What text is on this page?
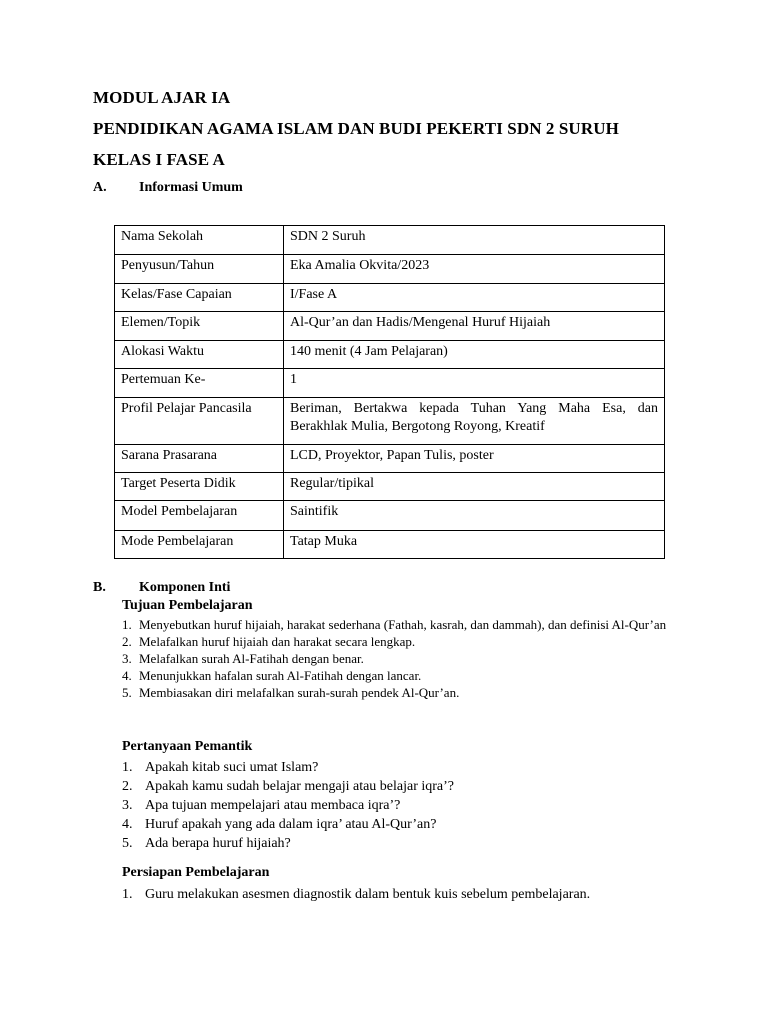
MODUL AJAR IA
PENDIDIKAN AGAMA ISLAM DAN BUDI PEKERTI SDN 2 SURUH
KELAS I FASE A
A. Informasi Umum
Nama Sekolah	SDN 2 Suruh
Penyusun/Tahun	Eka Amalia Okvita/2023
Kelas/Fase Capaian	I/Fase A
Elemen/Topik	Al-Qur’an dan Hadis/Mengenal Huruf Hijaiah
Alokasi Waktu	140 menit (4 Jam Pelajaran)
Pertemuan Ke-	1
Profil Pelajar Pancasila	Beriman, Bertakwa kepada Tuhan Yang Maha Esa, dan Berakhlak Mulia, Bergotong Royong, Kreatif
Sarana Prasarana	LCD, Proyektor, Papan Tulis, poster
Target Peserta Didik	Regular/tipikal
Model Pembelajaran	Saintifik
Mode Pembelajaran	Tatap Muka
B. Komponen Inti
Tujuan Pembelajaran
1. Menyebutkan huruf hijaiah, harakat sederhana (Fathah, kasrah, dan dammah), dan definisi Al-Qur’an
2. Melafalkan huruf hijaiah dan harakat secara lengkap.
3. Melafalkan surah Al-Fatihah dengan benar.
4. Menunjukkan hafalan surah Al-Fatihah dengan lancar.
5. Membiasakan diri melafalkan surah-surah pendek Al-Qur’an.
Pertanyaan Pemantik
1. Apakah kitab suci umat Islam?
2. Apakah kamu sudah belajar mengaji atau belajar iqra’?
3. Apa tujuan mempelajari atau membaca iqra’?
4. Huruf apakah yang ada dalam iqra’ atau Al-Qur’an?
5. Ada berapa huruf hijaiah?
Persiapan Pembelajaran
1. Guru melakukan asesmen diagnostik dalam bentuk kuis sebelum pembelajaran.
